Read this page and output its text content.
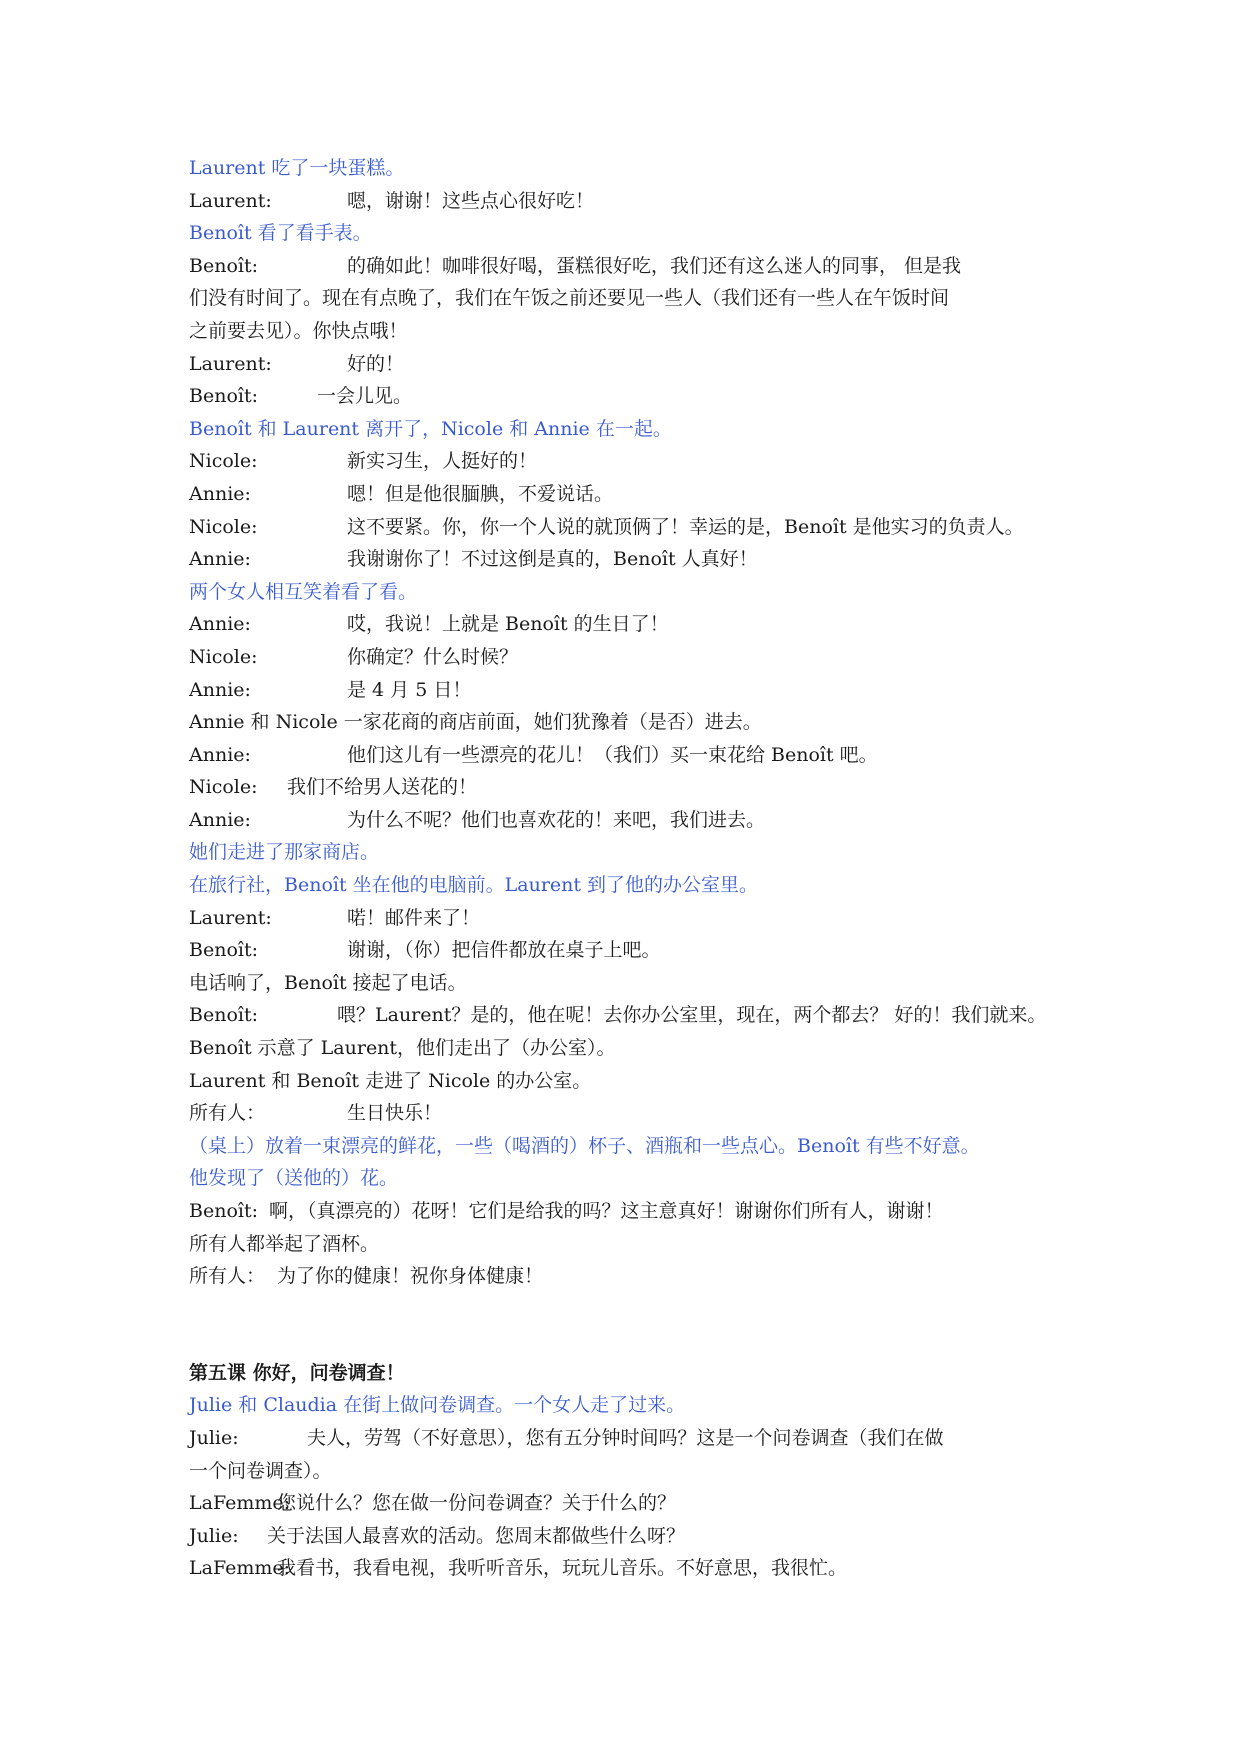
Laurent 吃了一块蛋糕。
Laurent:	嗯，谢谢！这些点心很好吃！
Benoît 看了看手表。
Benoît:	的确如此！咖啡很好喝，蛋糕很好吃，我们还有这么迷人的同事， 但是我
们没有时间了。现在有点晚了，我们在午饭之前还要见一些人（我们还有一些人在午饭时间
之前要去见）。你快点哦！
Laurent:	好的！
Benoît:	一会儿见。
Benoît 和 Laurent 离开了，Nicole 和 Annie 在一起。
Nicole:	新实习生，人挺好的！
Annie:	嗯！但是他很腼腆，不爱说话。
Nicole:	这不要紧。你，你一个人说的就顶俩了！幸运的是，Benoît 是他实习的负责人。
Annie:	我谢谢你了！不过这倒是真的，Benoît 人真好！
两个女人相互笑着看了看。
Annie:	哎，我说！上就是 Benoît 的生日了！
Nicole:	你确定？什么时候？
Annie:	是 4 月 5 日！
Annie 和 Nicole 一家花商的商店前面，她们犹豫着（是否）进去。
Annie:	他们这儿有一些漂亮的花儿！（我们）买一束花给 Benoît 吧。
Nicole:	我们不给男人送花的！
Annie:	为什么不呢？他们也喜欢花的！来吧，我们进去。
她们走进了那家商店。
在旅行社，Benoît 坐在他的电脑前。Laurent 到了他的办公室里。
Laurent:	喏！邮件来了！
Benoît:	谢谢，（你）把信件都放在桌子上吧。
电话响了，Benoît 接起了电话。
Benoît:	喂？Laurent？是的，他在呢！去你办公室里，现在，两个都去？ 好的！我们就来。
Benoît 示意了 Laurent，他们走出了（办公室）。
Laurent 和 Benoît 走进了 Nicole 的办公室。
所有人：	生日快乐！
（桌上）放着一束漂亮的鲜花，一些（喝酒的）杯子、酒瓶和一些点心。Benoît 有些不好意。
他发现了（送他的）花。
Benoît: 啊，（真漂亮的）花呀！它们是给我的吗？这主意真好！谢谢你们所有人，谢谢！
所有人都举起了酒杯。
所有人： 为了你的健康！祝你身体健康！
第五课 你好，问卷调查！
Julie 和 Claudia 在街上做问卷调查。一个女人走了过来。
Julie:	夫人，劳驾（不好意思），您有五分钟时间吗？这是一个问卷调查（我们在做
一个问卷调查）。
LaFemme:
您说什么？您在做一份问卷调查？关于什么的？
Julie:	关于法国人最喜欢的活动。您周末都做些什么呀？
LaFemme:
我看书，我看电视，我听听音乐，玩玩儿音乐。不好意思，我很忙。
